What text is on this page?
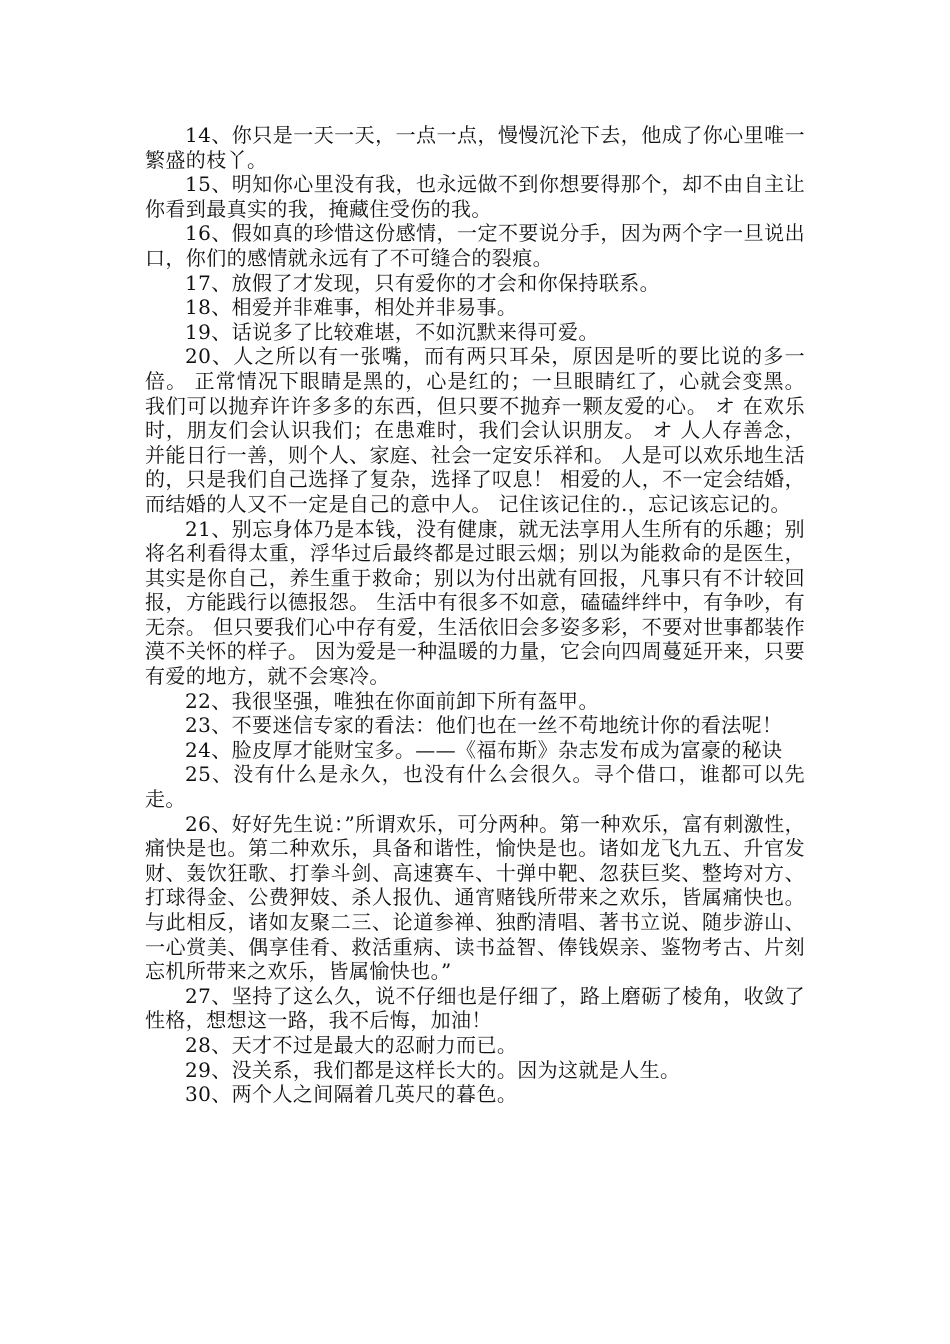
14、你只是一天一天，一点一点，慢慢沉沦下去，他成了你心里唯一繁盛的枝丫。

15、明知你心里没有我，也永远做不到你想要得那个，却不由自主让你看到最真实的我，掩藏住受伤的我。

16、假如真的珍惜这份感情，一定不要说分手，因为两个字一旦说出口，你们的感情就永远有了不可缝合的裂痕。

17、放假了才发现，只有爱你的才会和你保持联系。

18、相爱并非难事，相处并非易事。

19、话说多了比较难堪，不如沉默来得可爱。

20、人之所以有一张嘴，而有两只耳朵，原因是听的要比说的多一倍。 正常情况下眼睛是黑的，心是红的；一旦眼睛红了，心就会变黑。 我们可以抛弃许许多多的东西，但只要不抛弃一颗友爱的心。 オ 在欢乐时，朋友们会认识我们；在患难时，我们会认识朋友。 オ 人人存善念，并能日行一善，则个人、家庭、社会一定安乐祥和。 人是可以欢乐地生活的，只是我们自己选择了复杂，选择了叹息！ 相爱的人，不一定会结婚，而结婚的人又不一定是自己的意中人。 记住该记住的.，忘记该忘记的。

21、别忘身体乃是本钱，没有健康，就无法享用人生所有的乐趣；别将名利看得太重，浮华过后最终都是过眼云烟；别以为能救命的是医生，其实是你自己，养生重于救命；别以为付出就有回报，凡事只有不计较回报，方能践行以德报怨。 生活中有很多不如意，磕磕绊绊中，有争吵，有无奈。 但只要我们心中存有爱，生活依旧会多姿多彩，不要对世事都装作漠不关怀的样子。 因为爱是一种温暖的力量，它会向四周蔓延开来，只要有爱的地方，就不会寒冷。

22、我很坚强，唯独在你面前卸下所有盔甲。

23、不要迷信专家的看法：他们也在一丝不苟地统计你的看法呢！

24、脸皮厚才能财宝多。——《福布斯》杂志发布成为富豪的秘诀

25、没有什么是永久，也没有什么会很久。寻个借口，谁都可以先走。

26、好好先生说：”所谓欢乐，可分两种。第一种欢乐，富有刺激性，痛快是也。第二种欢乐，具备和谐性，愉快是也。诸如龙飞九五、升官发财、轰饮狂歌、打拳斗剑、高速赛车、十弹中靶、忽获巨奖、整垮对方、打球得金、公费狎妓、杀人报仇、通宵赌钱所带来之欢乐，皆属痛快也。与此相反，诸如友聚二三、论道参禅、独酌清唱、著书立说、随步游山、一心赏美、偶享佳肴、救活重病、读书益智、俸钱娱亲、鉴物考古、片刻忘机所带来之欢乐，皆属愉快也。”

27、坚持了这么久，说不仔细也是仔细了，路上磨砺了棱角，收敛了性格，想想这一路，我不后悔，加油！

28、天才不过是最大的忍耐力而已。

29、没关系，我们都是这样长大的。因为这就是人生。

30、两个人之间隔着几英尺的暮色。
